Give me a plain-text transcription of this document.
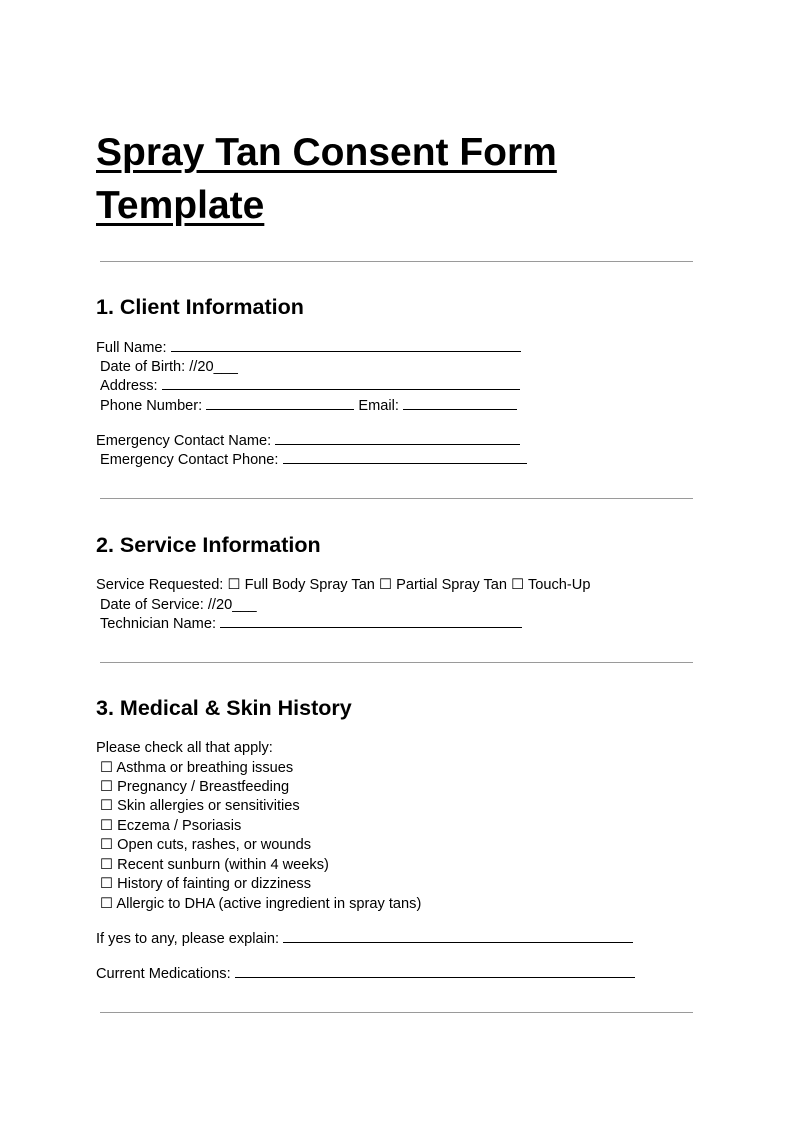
Spray Tan Consent Form Template
1. Client Information

Full Name:

Date of Birth: //20___

Address:

Phone Number:	Email:

Emergency Contact Name:

Emergency Contact Phone:

2. Service Information

Service Requested: ☐ Full Body Spray Tan ☐ Partial Spray Tan ☐ Touch-Up

Date of Service: //20___

Technician Name:

3. Medical & Skin History

Please check all that apply:

☐ Asthma or breathing issues

☐ Pregnancy / Breastfeeding

☐ Skin allergies or sensitivities

☐ Eczema / Psoriasis

☐ Open cuts, rashes, or wounds

☐ Recent sunburn (within 4 weeks)

☐ History of fainting or dizziness

☐ Allergic to DHA (active ingredient in spray tans)

If yes to any, please explain:

Current Medications:
